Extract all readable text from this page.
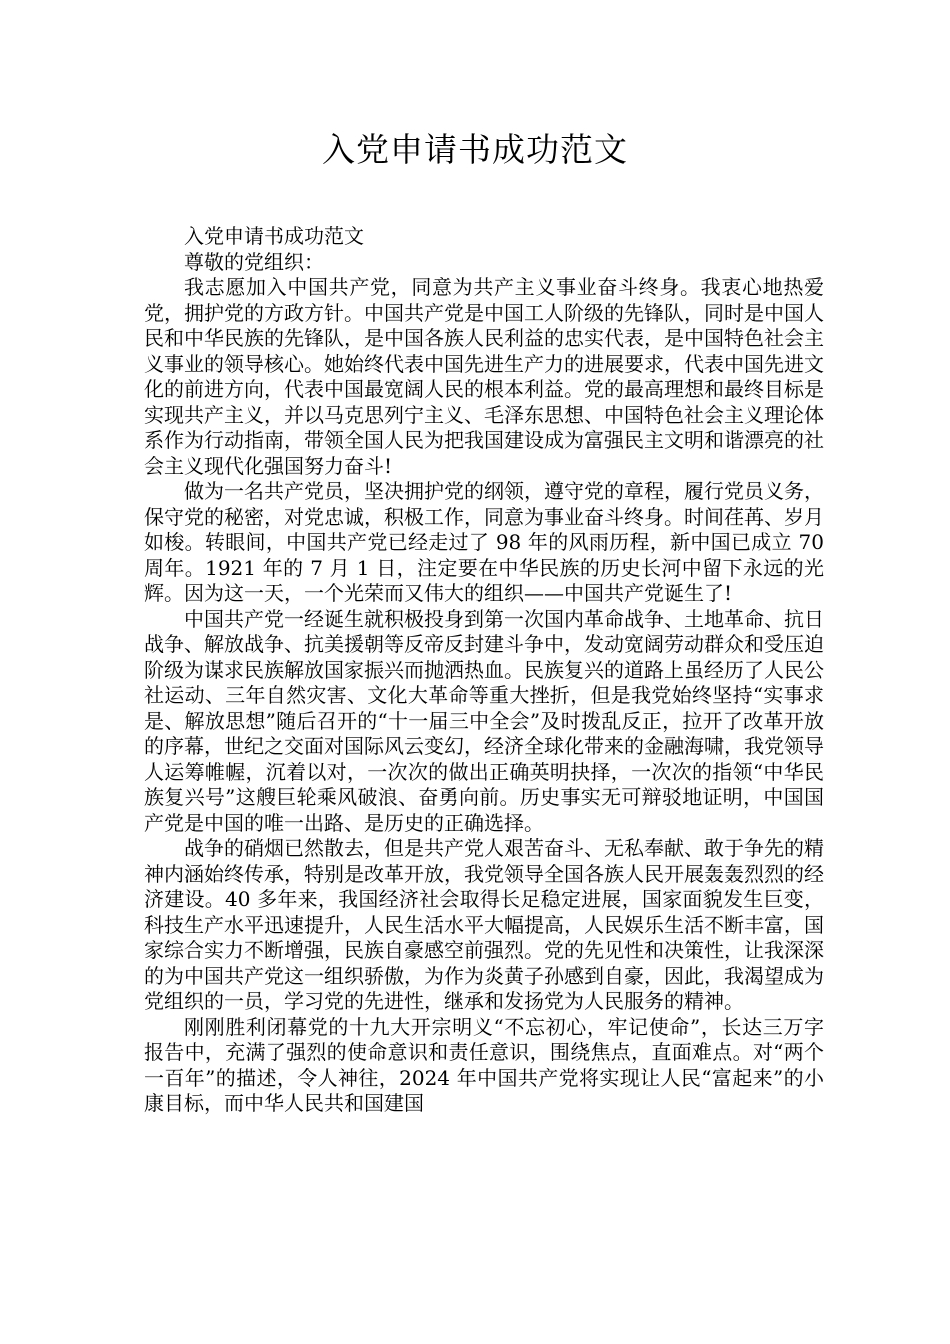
入党申请书成功范文

入党申请书成功范文

尊敬的党组织：

我志愿加入中国共产党，同意为共产主义事业奋斗终身。我衷心地热爱党，拥护党的方政方针。中国共产党是中国工人阶级的先锋队，同时是中国人民和中华民族的先锋队，是中国各族人民利益的忠实代表，是中国特色社会主义事业的领导核心。她始终代表中国先进生产力的进展要求，代表中国先进文化的前进方向，代表中国最宽阔人民的根本利益。党的最高理想和最终目标是实现共产主义，并以马克思列宁主义、毛泽东思想、中国特色社会主义理论体系作为行动指南，带领全国人民为把我国建设成为富强民主文明和谐漂亮的社会主义现代化强国努力奋斗!

做为一名共产党员，坚决拥护党的纲领，遵守党的章程，履行党员义务，保守党的秘密，对党忠诚，积极工作，同意为事业奋斗终身。时间荏苒、岁月如梭。转眼间，中国共产党已经走过了 98 年的风雨历程，新中国已成立 70 周年。1921 年的 7 月 1 日，注定要在中华民族的历史长河中留下永远的光辉。因为这一天，一个光荣而又伟大的组织——中国共产党诞生了!

中国共产党一经诞生就积极投身到第一次国内革命战争、土地革命、抗日战争、解放战争、抗美援朝等反帝反封建斗争中，发动宽阔劳动群众和受压迫阶级为谋求民族解放国家振兴而抛洒热血。民族复兴的道路上虽经历了人民公社运动、三年自然灾害、文化大革命等重大挫折，但是我党始终坚持“实事求是、解放思想”随后召开的“十一届三中全会”及时拨乱反正，拉开了改革开放的序幕，世纪之交面对国际风云变幻，经济全球化带来的金融海啸，我党领导人运筹帷幄，沉着以对，一次次的做出正确英明抉择，一次次的指领“中华民族复兴号”这艘巨轮乘风破浪、奋勇向前。历史事实无可辩驳地证明，中国国产党是中国的唯一出路、是历史的正确选择。

战争的硝烟已然散去，但是共产党人艰苦奋斗、无私奉献、敢于争先的精神内涵始终传承，特别是改革开放，我党领导全国各族人民开展轰轰烈烈的经济建设。40 多年来，我国经济社会取得长足稳定进展，国家面貌发生巨变，科技生产水平迅速提升，人民生活水平大幅提高，人民娱乐生活不断丰富，国家综合实力不断增强，民族自豪感空前强烈。党的先见性和决策性，让我深深的为中国共产党这一组织骄傲，为作为炎黄子孙感到自豪，因此，我渴望成为党组织的一员，学习党的先进性，继承和发扬党为人民服务的精神。

刚刚胜利闭幕党的十九大开宗明义“不忘初心，牢记使命”，长达三万字报告中，充满了强烈的使命意识和责任意识，围绕焦点，直面难点。对“两个一百年”的描述，令人神往，2024 年中国共产党将实现让人民“富起来”的小康目标，而中华人民共和国建国
